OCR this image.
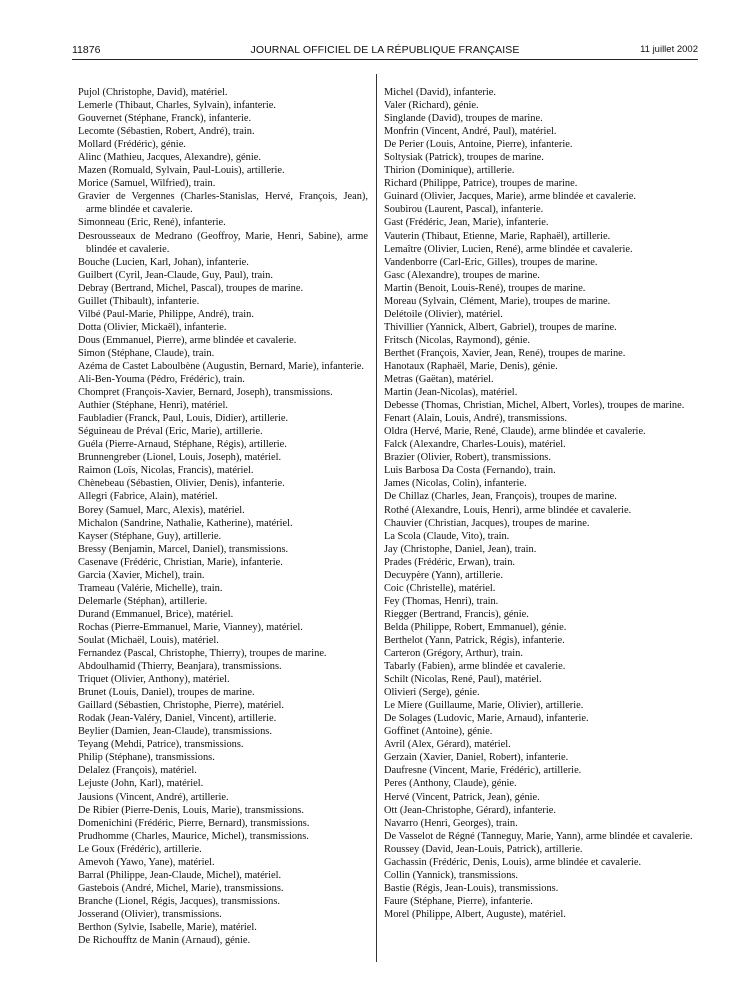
11876	JOURNAL OFFICIEL DE LA RÉPUBLIQUE FRANÇAISE	11 juillet 2002
Pujol (Christophe, David), matériel.
Lemerle (Thibaut, Charles, Sylvain), infanterie.
Gouvernet (Stéphane, Franck), infanterie.
Lecomte (Sébastien, Robert, André), train.
Mollard (Frédéric), génie.
Alinc (Mathieu, Jacques, Alexandre), génie.
Mazen (Romuald, Sylvain, Paul-Louis), artillerie.
Morice (Samuel, Wilfried), train.
Gravier de Vergennes (Charles-Stanislas, Hervé, François, Jean), arme blindée et cavalerie.
Simonneau (Eric, René), infanterie.
Desrousseaux de Medrano (Geoffroy, Marie, Henri, Sabine), arme blindée et cavalerie.
Bouche (Lucien, Karl, Johan), infanterie.
Guilbert (Cyril, Jean-Claude, Guy, Paul), train.
Debray (Bertrand, Michel, Pascal), troupes de marine.
Guillet (Thibault), infanterie.
Vilbé (Paul-Marie, Philippe, André), train.
Dotta (Olivier, Mickaël), infanterie.
Dous (Emmanuel, Pierre), arme blindée et cavalerie.
Simon (Stéphane, Claude), train.
Azéma de Castet Laboulbène (Augustin, Bernard, Marie), infanterie.
Ali-Ben-Youma (Pédro, Frédéric), train.
Chompret (François-Xavier, Bernard, Joseph), transmissions.
Authier (Stéphane, Henri), matériel.
Faubladier (Franck, Paul, Louis, Didier), artillerie.
Séguineau de Préval (Eric, Marie), artillerie.
Guéla (Pierre-Arnaud, Stéphane, Régis), artillerie.
Brunnengreber (Lionel, Louis, Joseph), matériel.
Raimon (Loïs, Nicolas, Francis), matériel.
Chènebeau (Sébastien, Olivier, Denis), infanterie.
Allegri (Fabrice, Alain), matériel.
Borey (Samuel, Marc, Alexis), matériel.
Michalon (Sandrine, Nathalie, Katherine), matériel.
Kayser (Stéphane, Guy), artillerie.
Bressy (Benjamin, Marcel, Daniel), transmissions.
Casenave (Frédéric, Christian, Marie), infanterie.
Garcia (Xavier, Michel), train.
Trameau (Valérie, Michelle), train.
Delemarle (Stéphan), artillerie.
Durand (Emmanuel, Brice), matériel.
Rochas (Pierre-Emmanuel, Marie, Vianney), matériel.
Soulat (Michaël, Louis), matériel.
Fernandez (Pascal, Christophe, Thierry), troupes de marine.
Abdoulhamid (Thierry, Beanjara), transmissions.
Triquet (Olivier, Anthony), matériel.
Brunet (Louis, Daniel), troupes de marine.
Gaillard (Sébastien, Christophe, Pierre), matériel.
Rodak (Jean-Valéry, Daniel, Vincent), artillerie.
Beylier (Damien, Jean-Claude), transmissions.
Teyang (Mehdi, Patrice), transmissions.
Philip (Stéphane), transmissions.
Delalez (François), matériel.
Lejuste (John, Karl), matériel.
Jausions (Vincent, André), artillerie.
De Ribier (Pierre-Denis, Louis, Marie), transmissions.
Domenichini (Frédéric, Pierre, Bernard), transmissions.
Prudhomme (Charles, Maurice, Michel), transmissions.
Le Goux (Frédéric), artillerie.
Amevoh (Yawo, Yane), matériel.
Barral (Philippe, Jean-Claude, Michel), matériel.
Gastebois (André, Michel, Marie), transmissions.
Branche (Lionel, Régis, Jacques), transmissions.
Josserand (Olivier), transmissions.
Berthon (Sylvie, Isabelle, Marie), matériel.
De Richoufftz de Manin (Arnaud), génie.
Michel (David), infanterie.
Valer (Richard), génie.
Singlande (David), troupes de marine.
Monfrin (Vincent, André, Paul), matériel.
De Perier (Louis, Antoine, Pierre), infanterie.
Soltysiak (Patrick), troupes de marine.
Thirion (Dominique), artillerie.
Richard (Philippe, Patrice), troupes de marine.
Guinard (Olivier, Jacques, Marie), arme blindée et cavalerie.
Soubirou (Laurent, Pascal), infanterie.
Gast (Frédéric, Jean, Marie), infanterie.
Vauterin (Thibaut, Etienne, Marie, Raphaël), artillerie.
Lemaître (Olivier, Lucien, René), arme blindée et cavalerie.
Vandenborre (Carl-Eric, Gilles), troupes de marine.
Gasc (Alexandre), troupes de marine.
Martin (Benoit, Louis-René), troupes de marine.
Moreau (Sylvain, Clément, Marie), troupes de marine.
Delétoile (Olivier), matériel.
Thivillier (Yannick, Albert, Gabriel), troupes de marine.
Fritsch (Nicolas, Raymond), génie.
Berthet (François, Xavier, Jean, René), troupes de marine.
Hanotaux (Raphaël, Marie, Denis), génie.
Metras (Gaëtan), matériel.
Martin (Jean-Nicolas), matériel.
Debesse (Thomas, Christian, Michel, Albert, Vorles), troupes de marine.
Fenart (Alain, Louis, André), transmissions.
Oldra (Hervé, Marie, René, Claude), arme blindée et cavalerie.
Falck (Alexandre, Charles-Louis), matériel.
Brazier (Olivier, Robert), transmissions.
Luis Barbosa Da Costa (Fernando), train.
James (Nicolas, Colin), infanterie.
De Chillaz (Charles, Jean, François), troupes de marine.
Rothé (Alexandre, Louis, Henri), arme blindée et cavalerie.
Chauvier (Christian, Jacques), troupes de marine.
La Scola (Claude, Vito), train.
Jay (Christophe, Daniel, Jean), train.
Prades (Frédéric, Erwan), train.
Decuypère (Yann), artillerie.
Coic (Christelle), matériel.
Fey (Thomas, Henri), train.
Riegger (Bertrand, Francis), génie.
Belda (Philippe, Robert, Emmanuel), génie.
Berthelot (Yann, Patrick, Régis), infanterie.
Carteron (Grégory, Arthur), train.
Tabarly (Fabien), arme blindée et cavalerie.
Schilt (Nicolas, René, Paul), matériel.
Olivieri (Serge), génie.
Le Miere (Guillaume, Marie, Olivier), artillerie.
De Solages (Ludovic, Marie, Arnaud), infanterie.
Goffinet (Antoine), génie.
Avril (Alex, Gérard), matériel.
Gerzain (Xavier, Daniel, Robert), infanterie.
Daufresne (Vincent, Marie, Frédéric), artillerie.
Peres (Anthony, Claude), génie.
Hervé (Vincent, Patrick, Jean), génie.
Ott (Jean-Christophe, Gérard), infanterie.
Navarro (Henri, Georges), train.
De Vasselot de Régné (Tanneguy, Marie, Yann), arme blindée et cavalerie.
Roussey (David, Jean-Louis, Patrick), artillerie.
Gachassin (Frédéric, Denis, Louis), arme blindée et cavalerie.
Collin (Yannick), transmissions.
Bastie (Régis, Jean-Louis), transmissions.
Faure (Stéphane, Pierre), infanterie.
Morel (Philippe, Albert, Auguste), matériel.
